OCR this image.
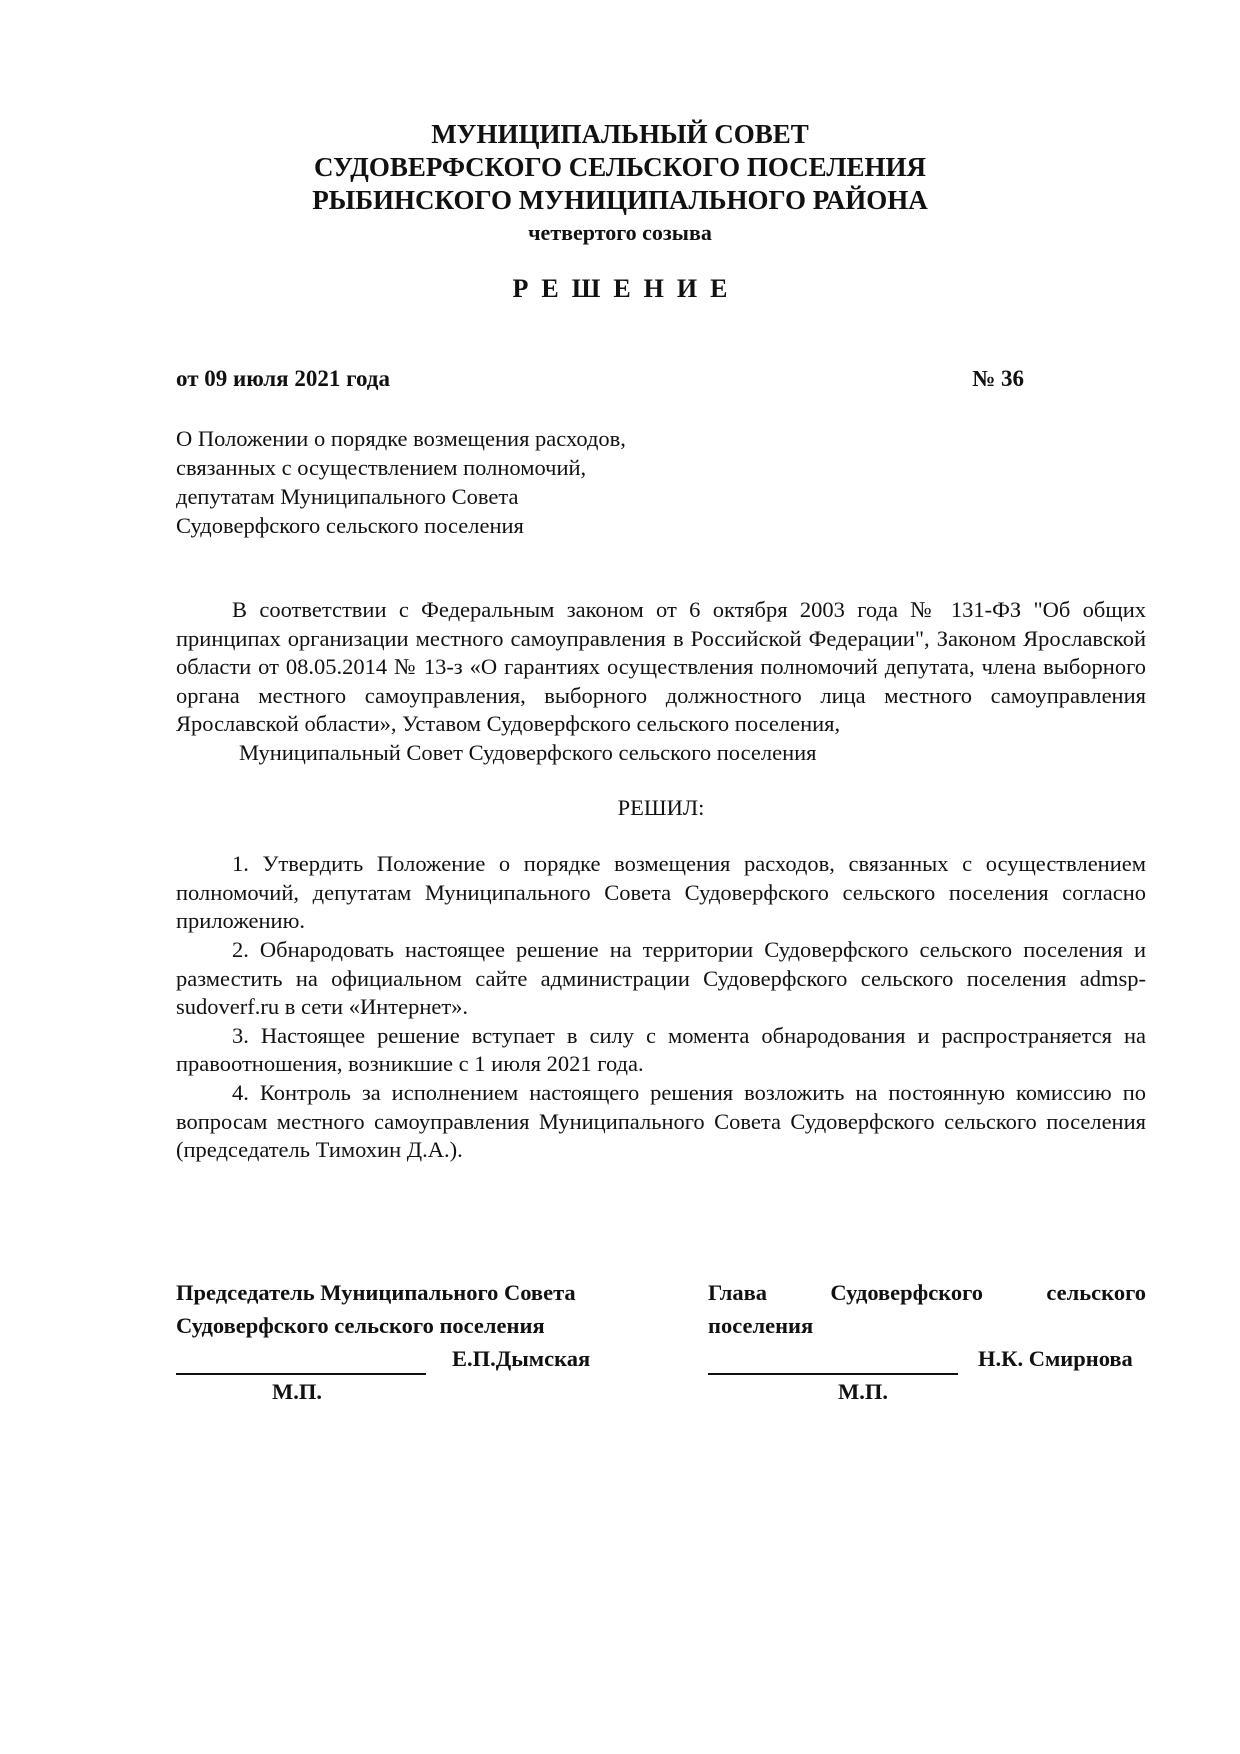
МУНИЦИПАЛЬНЫЙ СОВЕТ
СУДОВЕРФСКОГО СЕЛЬСКОГО ПОСЕЛЕНИЯ
РЫБИНСКОГО МУНИЦИПАЛЬНОГО РАЙОНА
четвертого созыва
РЕШЕНИЕ
от 09 июля 2021 года	№ 36
О Положении о порядке возмещения расходов,
связанных с осуществлением полномочий,
депутатам Муниципального Совета
Судоверфского сельского поселения

В соответствии с Федеральным законом от 6 октября 2003 года № 131-ФЗ "Об общих принципах организации местного самоуправления в Российской Федерации", Законом Ярославской области от 08.05.2014 № 13-з «О гарантиях осуществления полномочий депутата, члена выборного органа местного самоуправления, выборного должностного лица местного самоуправления Ярославской области», Уставом Судоверфского сельского поселения,

Муниципальный Совет Судоверфского сельского поселения

РЕШИЛ:

1. Утвердить Положение о порядке возмещения расходов, связанных с осуществлением полномочий, депутатам Муниципального Совета Судоверфского сельского поселения согласно приложению.

2. Обнародовать настоящее решение на территории Судоверфского сельского поселения и разместить на официальном сайте администрации Судоверфского сельского поселения admsp-sudoverf.ru в сети «Интернет».

3. Настоящее решение вступает в силу с момента обнародования и распространяется на правоотношения, возникшие с 1 июля 2021 года.

4. Контроль за исполнением настоящего решения возложить на постоянную комиссию по вопросам местного самоуправления Муниципального Совета Судоверфского сельского поселения (председатель Тимохин Д.А.).

Председатель Муниципального Совета
Судоверфского сельского поселения
Е.П.Дымская
М.П.
Глава	Судоверфского	сельского
поселения
Н.К. Смирнова
М.П.
